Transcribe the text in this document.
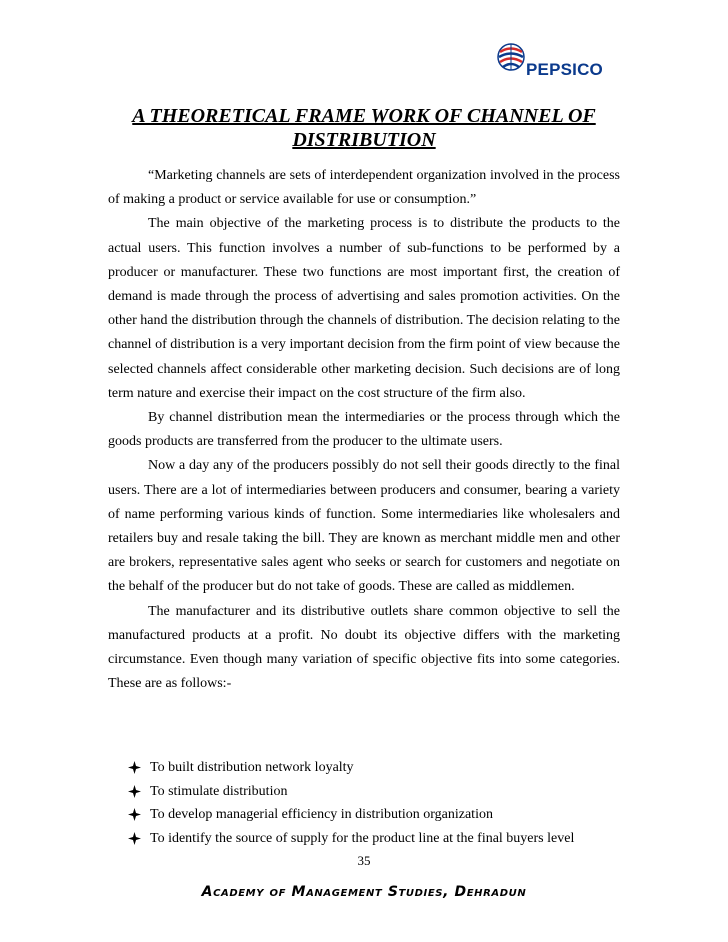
PEPSICO
A THEORETICAL FRAME WORK OF CHANNEL OF DISTRIBUTION

“Marketing channels are sets of interdependent organization involved in the process of making a product or service available for use or consumption.”

The main objective of the marketing process is to distribute the products to the actual users. This function involves a number of sub-functions to be performed by a producer or manufacturer. These two functions are most important first, the creation of demand is made through the process of advertising and sales promotion activities. On the other hand the distribution through the channels of distribution. The decision relating to the channel of distribution is a very important decision from the firm point of view because the selected channels affect considerable other marketing decision. Such decisions are of long term nature and exercise their impact on the cost structure of the firm also.

By channel distribution mean the intermediaries or the process through which the goods products are transferred from the producer to the ultimate users.

Now a day any of the producers possibly do not sell their goods directly to the final users. There are a lot of intermediaries between producers and consumer, bearing a variety of name performing various kinds of function. Some intermediaries like wholesalers and retailers buy and resale taking the bill. They are known as merchant middle men and other are brokers, representative sales agent who seeks or search for customers and negotiate on the behalf of the producer but do not take of goods. These are called as middlemen.

The manufacturer and its distributive outlets share common objective to sell the manufactured products at a profit. No doubt its objective differs with the marketing circumstance. Even though many variation of specific objective fits into some categories. These are as follows:-

To built distribution network loyalty
To stimulate distribution
To develop managerial efficiency in distribution organization
To identify the source of supply for the product line at the final buyers level
35
Academy of Management Studies, Dehradun
